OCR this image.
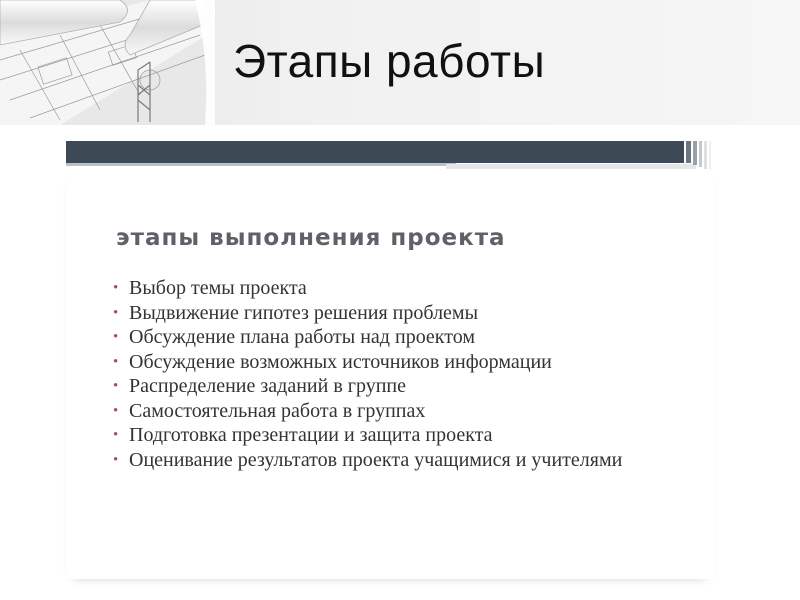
Этапы работы
этапы выполнения проекта
• Выбор темы проекта
• Выдвижение гипотез решения проблемы
• Обсуждение плана работы над проектом
• Обсуждение возможных источников информации
• Распределение заданий в группе
• Самостоятельная работа в группах
• Подготовка презентации и защита проекта
• Оценивание результатов проекта учащимися и учителями
